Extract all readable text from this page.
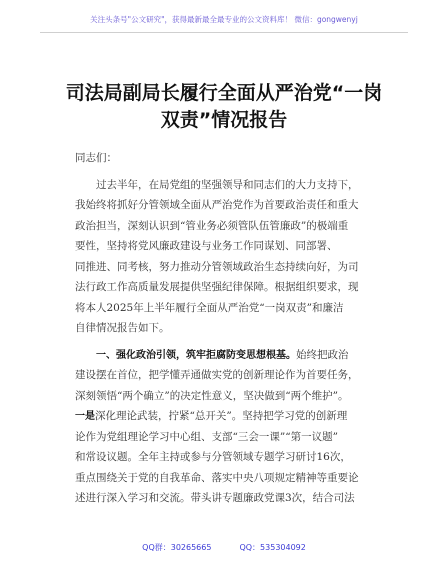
关注头条号"公文研究"，获得最新最全最专业的公文资料库！ 微信：gongwenyj
司法局副局长履行全面从严治党“一岗
双责”情况报告
同志们：
过去半年，在局党组的坚强领导和同志们的大力支持下，
我始终将抓好分管领域全面从严治党作为首要政治责任和重大
政治担当，深刻认识到“管业务必须管队伍管廉政”的极端重
要性，坚持将党风廉政建设与业务工作同谋划、同部署、
同推进、同考核，努力推动分管领域政治生态持续向好，为司
法行政工作高质量发展提供坚强纪律保障。根据组织要求，现
将本人2025年上半年履行全面从严治党“一岗双责”和廉洁
自律情况报告如下。
一、强化政治引领，筑牢拒腐防变思想根基。始终把政治
建设摆在首位，把学懂弄通做实党的创新理论作为首要任务，
深刻领悟“两个确立”的决定性意义，坚决做到“两个维护”。
一是深化理论武装，拧紧“总开关”。坚持把学习党的创新理
论作为党组理论学习中心组、支部“三会一课”“第一议题”
和常设议题。全年主持或参与分管领域专题学习研讨16次，
重点围绕关于党的自我革命、落实中央八项规定精神等重要论
述进行深入学习和交流。带头讲专题廉政党课3次，结合司法
QQ群：30265665	QQ：535304092
